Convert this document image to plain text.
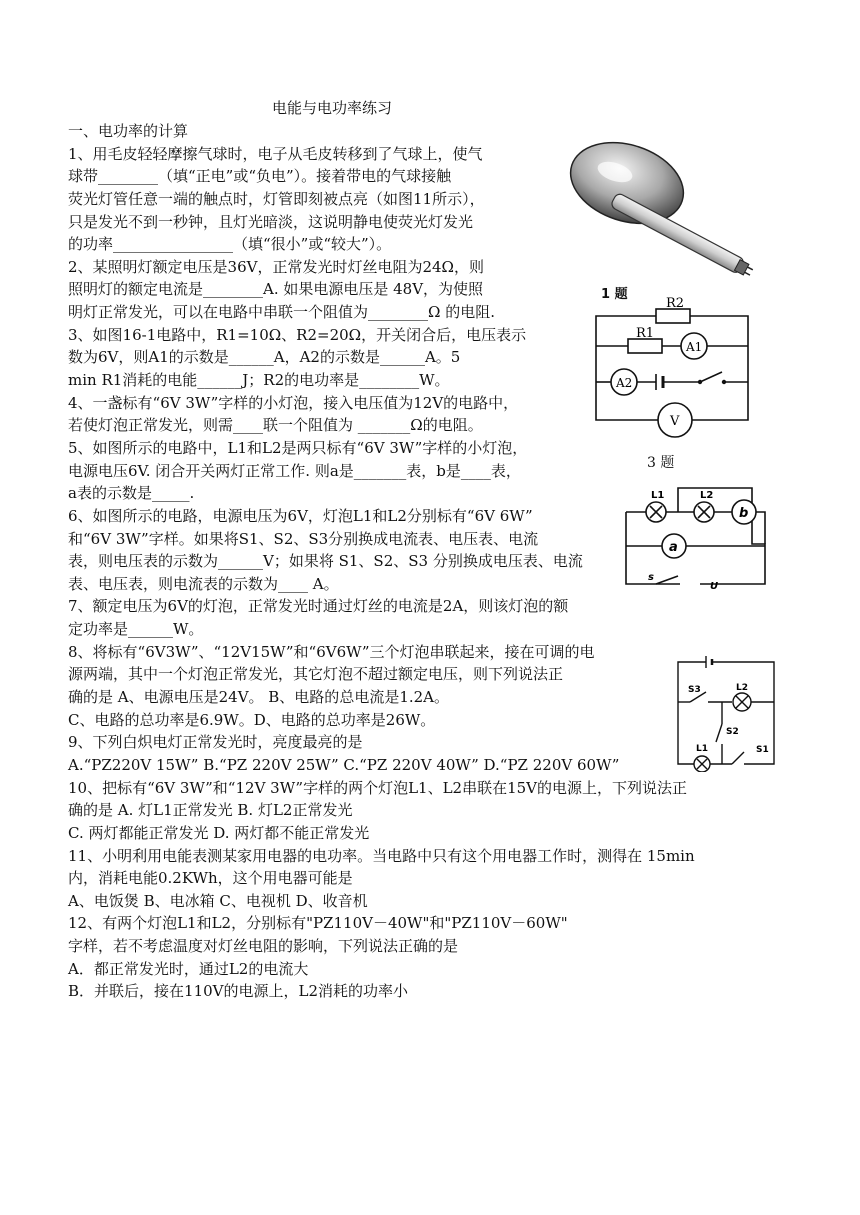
电能与电功率练习
一、电功率的计算
1、用毛皮轻轻摩擦气球时，电子从毛皮转移到了气球上，使气
球带________（填“正电”或“负电”）。接着带电的气球接触
荧光灯管任意一端的触点时，灯管即刻被点亮（如图11所示），
只是发光不到一秒钟，且灯光暗淡，这说明静电使荧光灯发光
的功率________________（填“很小”或“较大”）。
2、某照明灯额定电压是36V，正常发光时灯丝电阻为24Ω，则
照明灯的额定电流是________A. 如果电源电压是 48V，为使照
明灯正常发光，可以在电路中串联一个阻值为________Ω 的电阻.
3、如图16-1电路中，R1=10Ω、R2=20Ω，开关闭合后，电压表示
数为6V，则A1的示数是______A，A2的示数是______A。5
min R1消耗的电能______J；R2的电功率是________W。
4、一盏标有“6V 3W”字样的小灯泡，接入电压值为12V的电路中，
若使灯泡正常发光，则需____联一个阻值为 _______Ω的电阻。
5、如图所示的电路中，L1和L2是两只标有“6V 3W”字样的小灯泡，
电源电压6V. 闭合开关两灯正常工作. 则a是_______表，b是____表，
a表的示数是_____.
6、如图所示的电路，电源电压为6V，灯泡L1和L2分别标有“6V 6W”
和“6V 3W”字样。如果将S1、S2、S3分别换成电流表、电压表、电流
表，则电压表的示数为______V；如果将 S1、S2、S3 分别换成电压表、电流
表、电压表，则电流表的示数为____ A。
7、额定电压为6V的灯泡，正常发光时通过灯丝的电流是2A，则该灯泡的额
定功率是______W。
8、将标有“6V3W”、“12V15W”和“6V6W”三个灯泡串联起来，接在可调的电
源两端，其中一个灯泡正常发光，其它灯泡不超过额定电压，则下列说法正
确的是 A、电源电压是24V。 B、电路的总电流是1.2A。
C、电路的总功率是6.9W。D、电路的总功率是26W。
9、下列白炽电灯正常发光时，亮度最亮的是
A.“PZ220V 15W” B.“PZ 220V 25W” C.“PZ 220V 40W” D.“PZ 220V 60W”
10、把标有“6V 3W”和“12V 3W”字样的两个灯泡L1、L2串联在15V的电源上，下列说法正
确的是 A. 灯L1正常发光 B. 灯L2正常发光
C. 两灯都能正常发光 D. 两灯都不能正常发光
11、小明利用电能表测某家用电器的电功率。当电路中只有这个用电器工作时，测得在 15min
内，消耗电能0.2KWh，这个用电器可能是
A、电饭煲 B、电冰箱 C、电视机 D、收音机
12、有两个灯泡L1和L2，分别标有"PZ110V－40W"和"PZ110V－60W"
字样，若不考虑温度对灯丝电阻的影响，下列说法正确的是
A．都正常发光时，通过L2的电流大
B．并联后，接在110V的电源上，L2消耗的功率小
1 题
R2
R1
A1
A2
V
3 题
L1	L2
b
a
s
U
S3	L2
S2
L1	S1
